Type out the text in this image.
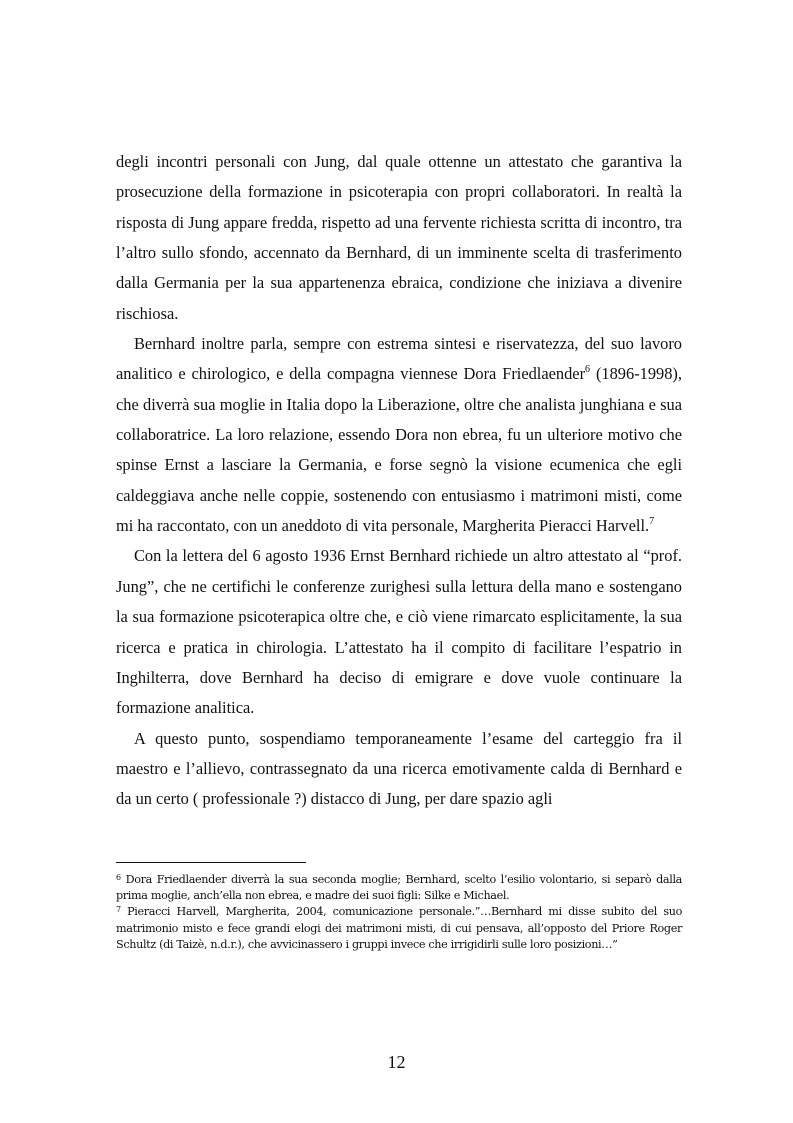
degli incontri personali con Jung, dal quale ottenne un attestato che garantiva la prosecuzione della formazione in psicoterapia con propri collaboratori. In realtà la risposta di Jung appare fredda, rispetto ad una fervente richiesta scritta di incontro, tra l’altro sullo sfondo, accennato da Bernhard, di un imminente scelta di trasferimento dalla Germania per la sua appartenenza ebraica, condizione che iniziava a divenire rischiosa.

Bernhard inoltre parla, sempre con estrema sintesi e riservatezza, del suo lavoro analitico e chirologico, e della compagna viennese Dora Friedlaender$^6$ (1896-1998), che diverrà sua moglie in Italia dopo la Liberazione, oltre che analista junghiana e sua collaboratrice. La loro relazione, essendo Dora non ebrea, fu un ulteriore motivo che spinse Ernst a lasciare la Germania, e forse segnò la visione ecumenica che egli caldeggiava anche nelle coppie, sostenendo con entusiasmo i matrimoni misti, come mi ha raccontato, con un aneddoto di vita personale, Margherita Pieracci Harvell.$^7$

Con la lettera del 6 agosto 1936 Ernst Bernhard richiede un altro attestato al “prof. Jung”, che ne certifichi le conferenze zurighesi sulla lettura della mano e sostengano la sua formazione psicoterapica oltre che, e ciò viene rimarcato esplicitamente, la sua ricerca e pratica in chirologia. L’attestato ha il compito di facilitare l’espatrio in Inghilterra, dove Bernhard ha deciso di emigrare e dove vuole continuare la formazione analitica.

A questo punto, sospendiamo temporaneamente l’esame del carteggio fra il maestro e l’allievo, contrassegnato da una ricerca emotivamente calda di Bernhard e da un certo ( professionale ?) distacco di Jung, per dare spazio agli

$^6$ Dora Friedlaender diverrà la sua seconda moglie; Bernhard, scelto l’esilio volontario, si separò dalla prima moglie, anch’ella non ebrea, e madre dei suoi figli: Silke e Michael.

$^7$ Pieracci Harvell, Margherita, 2004, comunicazione personale.”…Bernhard mi disse subito del suo matrimonio misto e fece grandi elogi dei matrimoni misti, di cui pensava, all’opposto del Priore Roger Schultz (di Taizè, n.d.r.), che avvicinassero i gruppi invece che irrigidirli sulle loro posizioni…”

12
